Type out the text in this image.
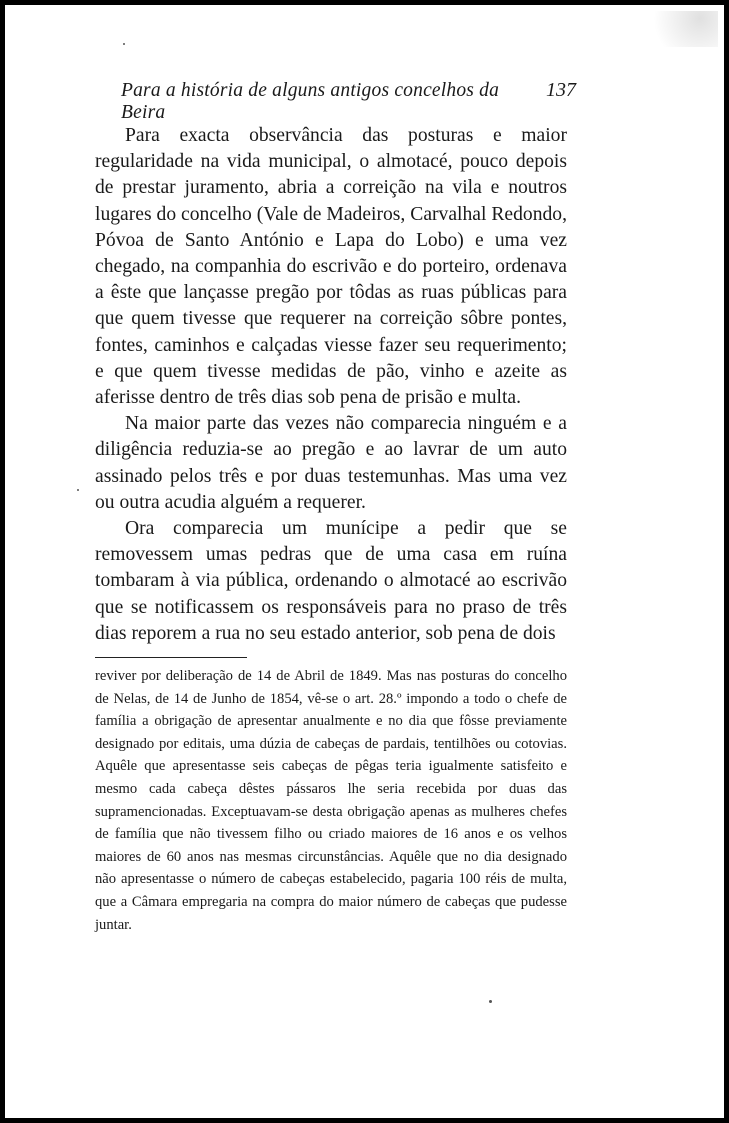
Para a história de alguns antigos concelhos da Beira
137

Para exacta observância das posturas e maior regularidade na vida municipal, o almotacé, pouco depois de prestar juramento, abria a correição na vila e noutros lugares do concelho (Vale de Madeiros, Carvalhal Redondo, Póvoa de Santo António e Lapa do Lobo) e uma vez chegado, na companhia do escrivão e do porteiro, ordenava a êste que lançasse pregão por tôdas as ruas públicas para que quem tivesse que requerer na correição sôbre pontes, fontes, caminhos e calçadas viesse fazer seu requerimento; e que quem tivesse medidas de pão, vinho e azeite as aferisse dentro de três dias sob pena de prisão e multa.

Na maior parte das vezes não comparecia ninguém e a diligência reduzia-se ao pregão e ao lavrar de um auto assinado pelos três e por duas testemunhas. Mas uma vez ou outra acudia alguém a requerer.

Ora comparecia um munícipe a pedir que se removessem umas pedras que de uma casa em ruína tombaram à via pública, ordenando o almotacé ao escrivão que se notificassem os responsáveis para no praso de três dias reporem a rua no seu estado anterior, sob pena de dois

reviver por deliberação de 14 de Abril de 1849. Mas nas posturas do concelho de Nelas, de 14 de Junho de 1854, vê-se o art. 28.º impondo a todo o chefe de família a obrigação de apresentar anualmente e no dia que fôsse previamente designado por editais, uma dúzia de cabeças de pardais, tentilhões ou cotovias. Aquêle que apresentasse seis cabeças de pêgas teria igualmente satisfeito e mesmo cada cabeça dêstes pássaros lhe seria recebida por duas das supramencionadas. Exceptuavam-se desta obrigação apenas as mulheres chefes de família que não tivessem filho ou criado maiores de 16 anos e os velhos maiores de 60 anos nas mesmas circunstâncias. Aquêle que no dia designado não apresentasse o número de cabeças estabelecido, pagaria 100 réis de multa, que a Câmara empregaria na compra do maior número de cabeças que pudesse juntar.
